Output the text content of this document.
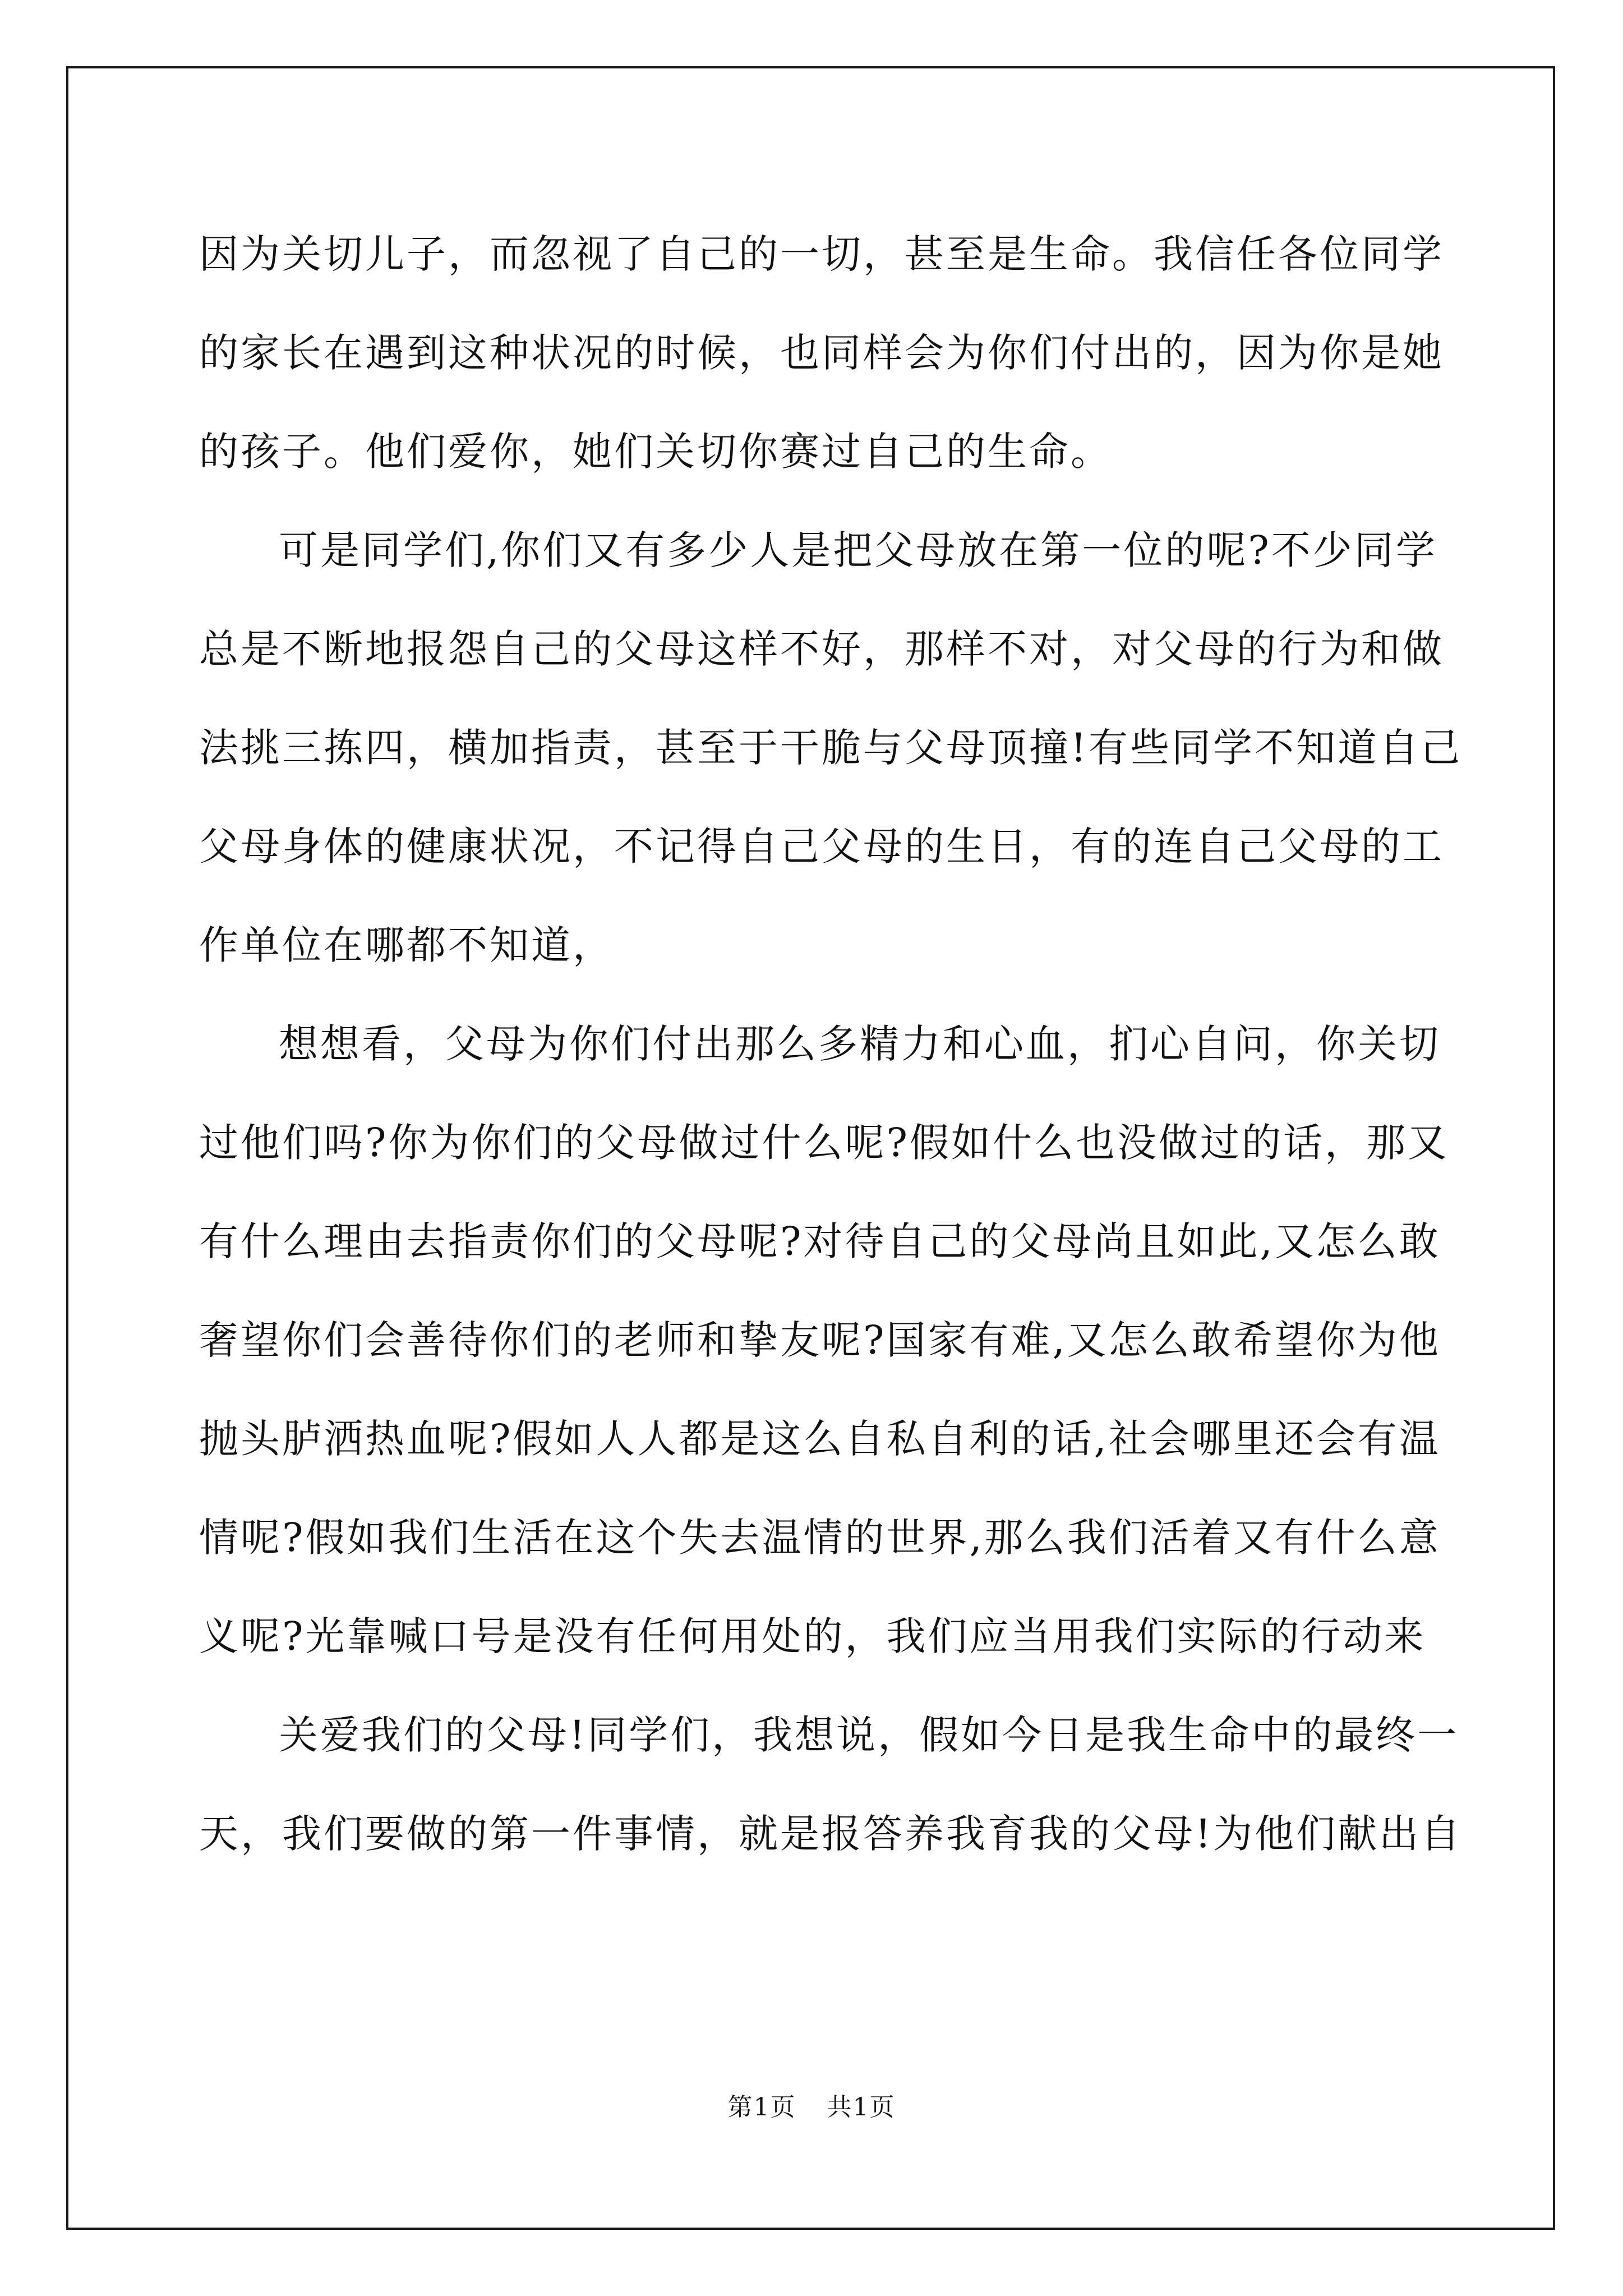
因为关切儿子，而忽视了自己的一切，甚至是生命。我信任各位同学
的家长在遇到这种状况的时候，也同样会为你们付出的，因为你是她
的孩子。他们爱你，她们关切你赛过自己的生命。
可是同学们,你们又有多少人是把父母放在第一位的呢?不少同学
总是不断地报怨自己的父母这样不好，那样不对，对父母的行为和做
法挑三拣四，横加指责，甚至于干脆与父母顶撞!有些同学不知道自己
父母身体的健康状况，不记得自己父母的生日，有的连自己父母的工
作单位在哪都不知道，
想想看，父母为你们付出那么多精力和心血，扪心自问，你关切
过他们吗?你为你们的父母做过什么呢?假如什么也没做过的话，那又
有什么理由去指责你们的父母呢?对待自己的父母尚且如此,又怎么敢
奢望你们会善待你们的老师和挚友呢?国家有难,又怎么敢希望你为他
抛头胪洒热血呢?假如人人都是这么自私自利的话,社会哪里还会有温
情呢?假如我们生活在这个失去温情的世界,那么我们活着又有什么意
义呢?光靠喊口号是没有任何用处的，我们应当用我们实际的行动来
关爱我们的父母!同学们，我想说，假如今日是我生命中的最终一
天，我们要做的第一件事情，就是报答养我育我的父母!为他们献出自
第1页 共1页
